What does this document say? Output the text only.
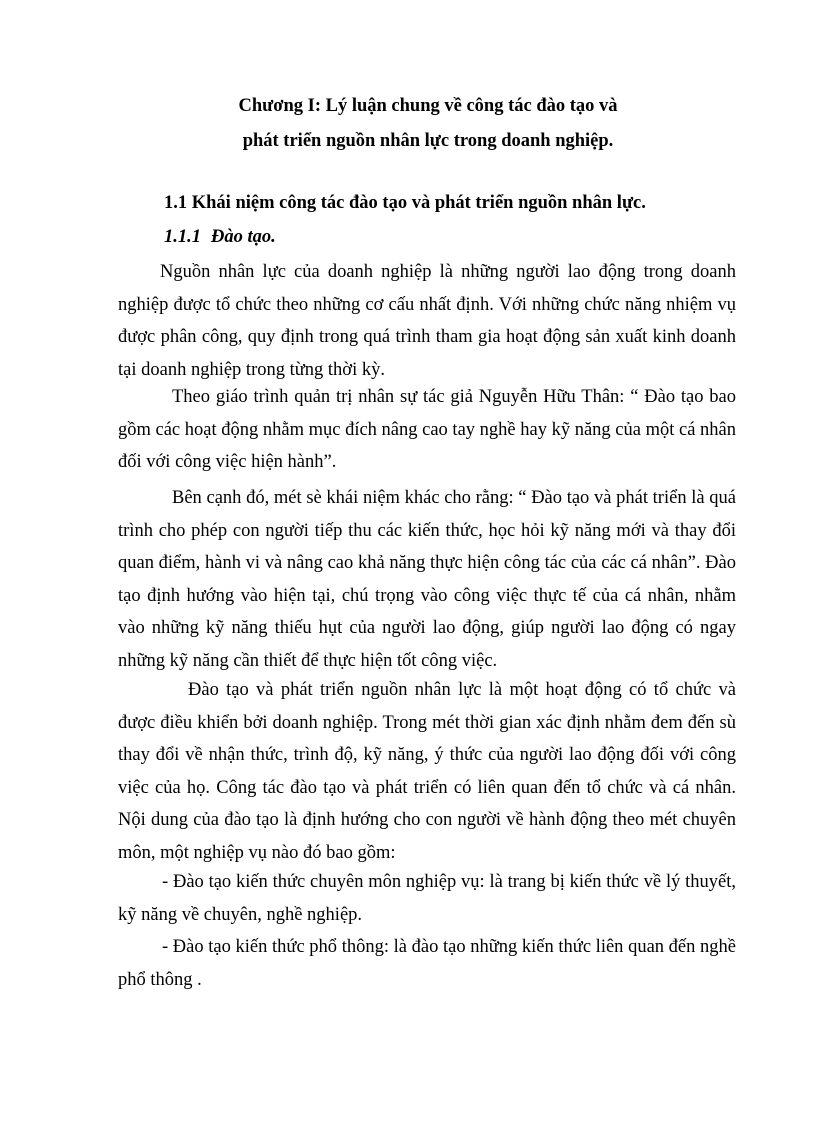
Chương I: Lý luận chung về công tác đào tạo và
phát triển nguồn nhân lực trong doanh nghiệp.
1.1 Khái niệm công tác đào tạo và phát triển nguồn nhân lực.
1.1.1 Đào tạo.

Nguồn nhân lực của doanh nghiệp là những người lao động trong doanh nghiệp được tổ chức theo những cơ cấu nhất định. Với những chức năng nhiệm vụ được phân công, quy định trong quá trình tham gia hoạt động sản xuất kinh doanh tại doanh nghiệp trong từng thời kỳ.

Theo giáo trình quản trị nhân sự tác giả Nguyễn Hữu Thân: “ Đào tạo bao gồm các hoạt động nhằm mục đích nâng cao tay nghề hay kỹ năng của một cá nhân đối với công việc hiện hành”.

Bên cạnh đó, mét sè khái niệm khác cho rằng: “ Đào tạo và phát triển là quá trình cho phép con người tiếp thu các kiến thức, học hỏi kỹ năng mới và thay đổi quan điểm, hành vi và nâng cao khả năng thực hiện công tác của các cá nhân”. Đào tạo định hướng vào hiện tại, chú trọng vào công việc thực tế của cá nhân, nhằm vào những kỹ năng thiếu hụt của người lao động, giúp người lao động có ngay những kỹ năng cần thiết để thực hiện tốt công việc.

Đào tạo và phát triển nguồn nhân lực là một hoạt động có tổ chức và được điều khiển bởi doanh nghiệp. Trong mét thời gian xác định nhằm đem đến sù thay đổi về nhận thức, trình độ, kỹ năng, ý thức của người lao động đối với công việc của họ. Công tác đào tạo và phát triển có liên quan đến tổ chức và cá nhân. Nội dung của đào tạo là định hướng cho con người về hành động theo mét chuyên môn, một nghiệp vụ nào đó bao gồm:

- Đào tạo kiến thức chuyên môn nghiệp vụ: là trang bị kiến thức về lý thuyết, kỹ năng về chuyên, nghề nghiệp.

- Đào tạo kiến thức phổ thông: là đào tạo những kiến thức liên quan đến nghề phổ thông .
